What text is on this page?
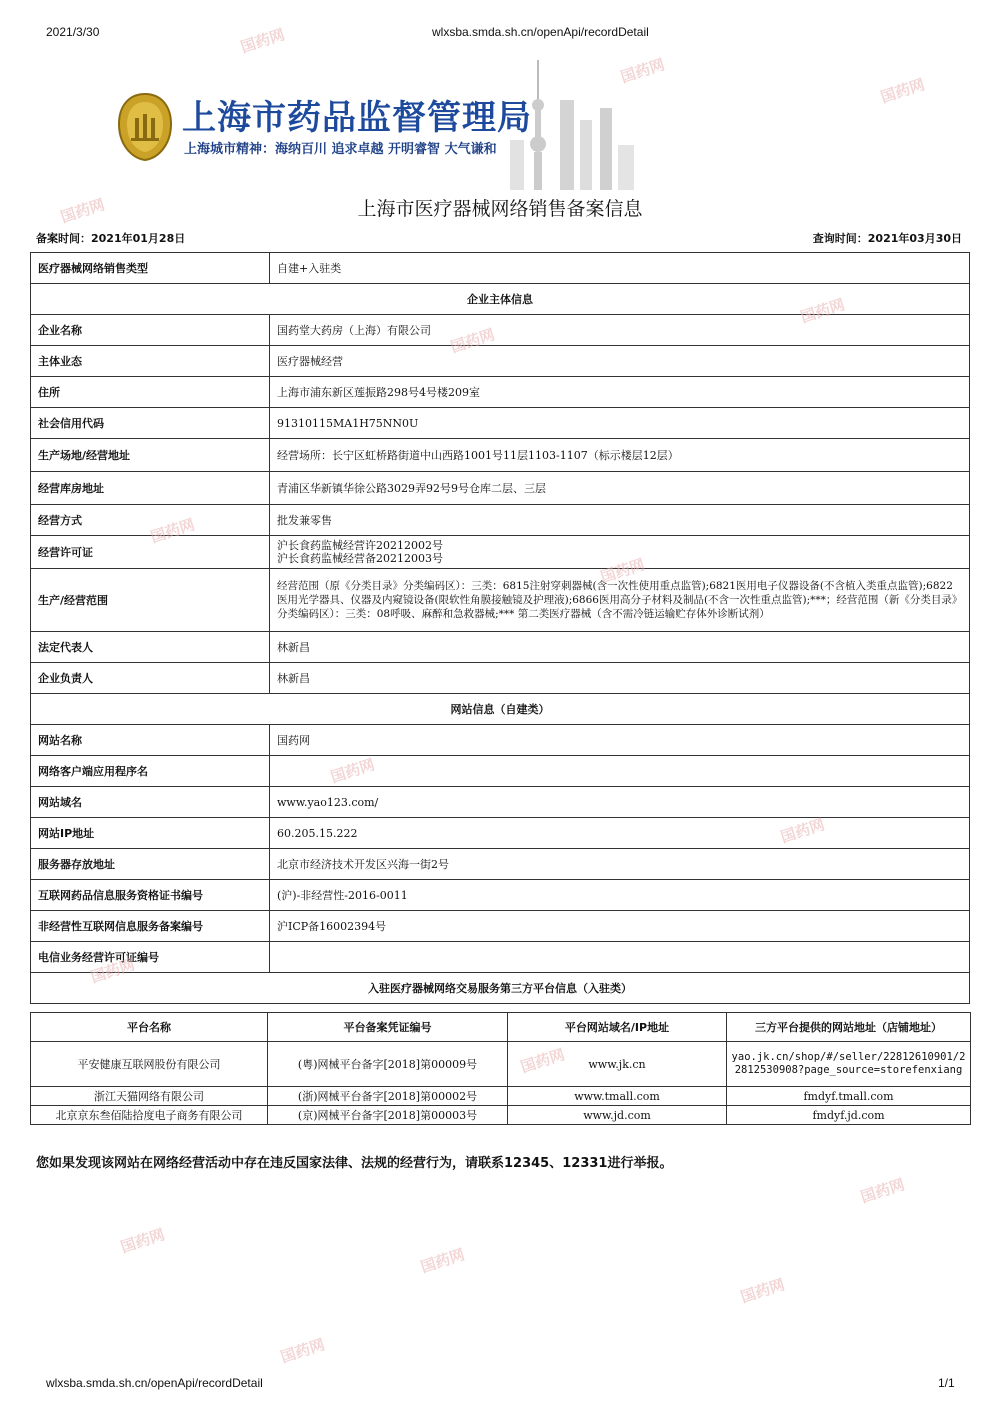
2021/3/30	wlxsba.smda.sh.cn/openApi/recordDetail
上海市药品监督管理局
上海城市精神：海纳百川 追求卓越 开明睿智 大气谦和
上海市医疗器械网络销售备案信息
备案时间：2021年01月28日	查询时间：2021年03月30日
医疗器械网络销售类型	自建+入驻类
企业主体信息	
企业名称	国药堂大药房（上海）有限公司
主体业态	医疗器械经营
住所	上海市浦东新区莲振路298号4号楼209室
社会信用代码	91310115MA1H75NN0U
生产场地/经营地址	经营场所：长宁区虹桥路街道中山西路1001号11层1103-1107（标示楼层12层）
经营库房地址	青浦区华新镇华徐公路3029弄92号9号仓库二层、三层
经营方式	批发兼零售
经营许可证	沪长食药监械经营许20212002号
沪长食药监械经营备20212003号

生产/经营范围	经营范围（原《分类目录》分类编码区）：三类：6815注射穿刺器械(含一次性使用重点监管);6821医用电子仪器设备(不含植入类重点监管);6822医用光学器具、仪器及内窥镜设备(限软性角膜接触镜及护理液);6866医用高分子材料及制品(不含一次性重点监管);***；经营范围（新《分类目录》分类编码区）：三类：08呼吸、麻醉和急救器械;*** 第二类医疗器械（含不需冷链运输贮存体外诊断试剂）
法定代表人	林新昌
企业负责人	林新昌
网站信息（自建类）	
网站名称	国药网
网络客户端应用程序名	
网站域名	www.yao123.com/
网站IP地址	60.205.15.222
服务器存放地址	北京市经济技术开发区兴海一街2号
互联网药品信息服务资格证书编号	(沪)-非经营性-2016-0011
非经营性互联网信息服务备案编号	沪ICP备16002394号
电信业务经营许可证编号	
入驻医疗器械网络交易服务第三方平台信息（入驻类）	
平台名称	平台备案凭证编号	平台网站域名/IP地址	三方平台提供的网站地址（店铺地址）
平安健康互联网股份有限公司	(粤)网械平台备字[2018]第00009号	www.jk.cn	yao.jk.cn/shop/#/seller/22812610901/22812530908?page_source=storefenxiang
浙江天猫网络有限公司	(浙)网械平台备字[2018]第00002号	www.tmall.com	fmdyf.tmall.com
北京京东叁佰陆拾度电子商务有限公司	(京)网械平台备字[2018]第00003号	www.jd.com	fmdyf.jd.com
您如果发现该网站在网络经营活动中存在违反国家法律、法规的经营行为，请联系12345、12331进行举报。
国药网
国药网
国药网
国药网
国药网
国药网
国药网
国药网
国药网
国药网
国药网
国药网
国药网
国药网
国药网
国药网
国药网
wlxsba.smda.sh.cn/openApi/recordDetail	1/1
